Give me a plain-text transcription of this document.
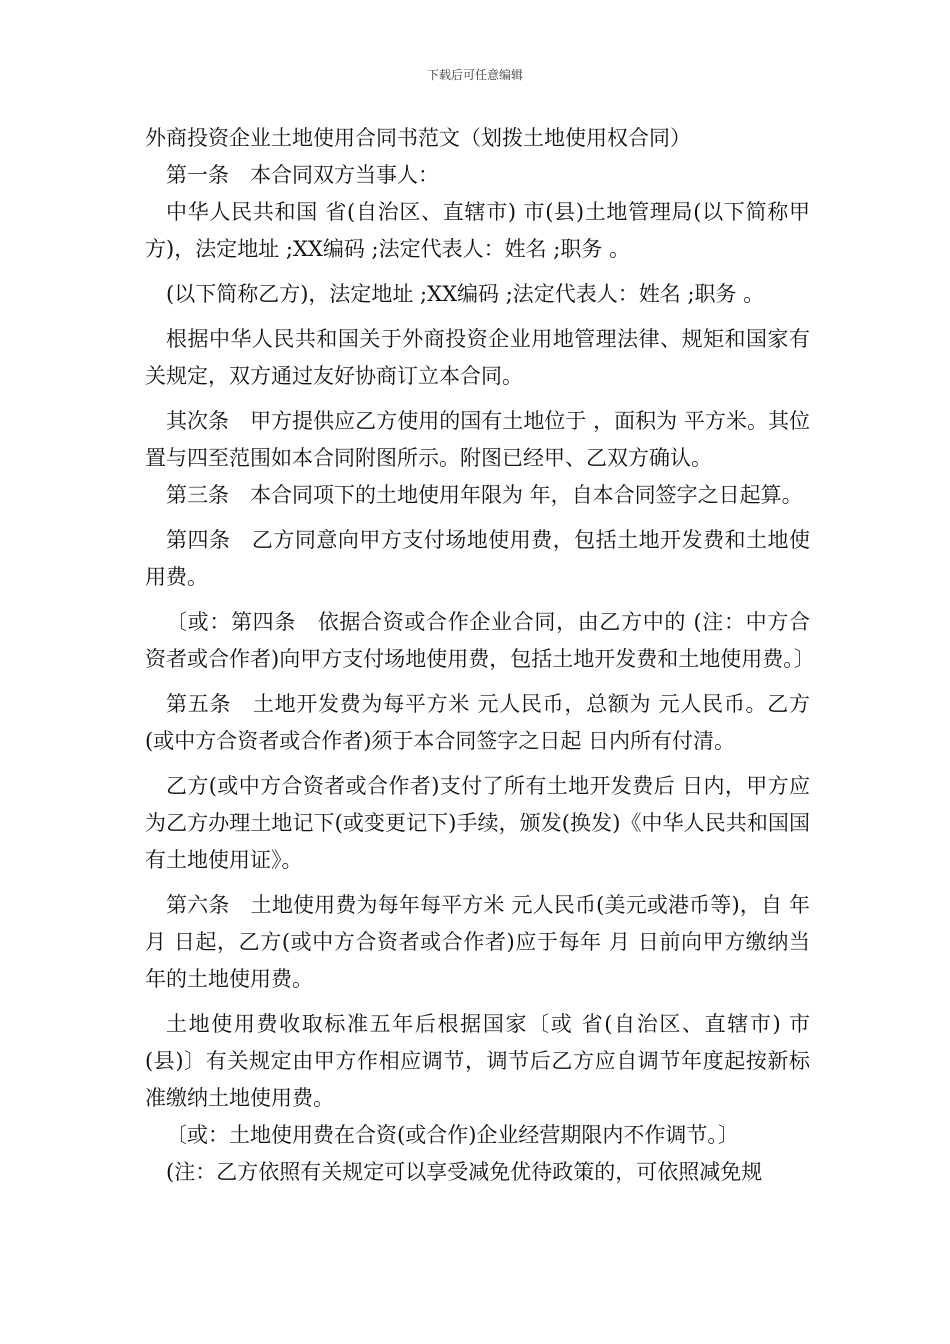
下载后可任意编辑

外商投资企业土地使用合同书范文（划拨土地使用权合同）

第一条　本合同双方当事人：

中华人民共和国 省(自治区、直辖市) 市(县)土地管理局(以下简称甲方)，法定地址 ;XX编码 ;法定代表人：姓名 ;职务 。

(以下简称乙方)，法定地址 ;XX编码 ;法定代表人：姓名 ;职务 。

根据中华人民共和国关于外商投资企业用地管理法律、规矩和国家有关规定，双方通过友好协商订立本合同。

其次条　甲方提供应乙方使用的国有土地位于 ，面积为 平方米。其位置与四至范围如本合同附图所示。附图已经甲、乙双方确认。

第三条　本合同项下的土地使用年限为 年，自本合同签字之日起算。

第四条　乙方同意向甲方支付场地使用费，包括土地开发费和土地使用费。

〔或：第四条　依据合资或合作企业合同，由乙方中的 (注：中方合资者或合作者)向甲方支付场地使用费，包括土地开发费和土地使用费。〕

第五条　土地开发费为每平方米 元人民币，总额为 元人民币。乙方(或中方合资者或合作者)须于本合同签字之日起 日内所有付清。

乙方(或中方合资者或合作者)支付了所有土地开发费后 日内，甲方应为乙方办理土地记下(或变更记下)手续，颁发(换发)《中华人民共和国国有土地使用证》。

第六条　土地使用费为每年每平方米 元人民币(美元或港币等)，自 年 月 日起，乙方(或中方合资者或合作者)应于每年 月 日前向甲方缴纳当年的土地使用费。

土地使用费收取标准五年后根据国家〔或 省(自治区、直辖市) 市(县)〕有关规定由甲方作相应调节，调节后乙方应自调节年度起按新标准缴纳土地使用费。

〔或：土地使用费在合资(或合作)企业经营期限内不作调节。〕

(注：乙方依照有关规定可以享受减免优待政策的，可依照减免规
